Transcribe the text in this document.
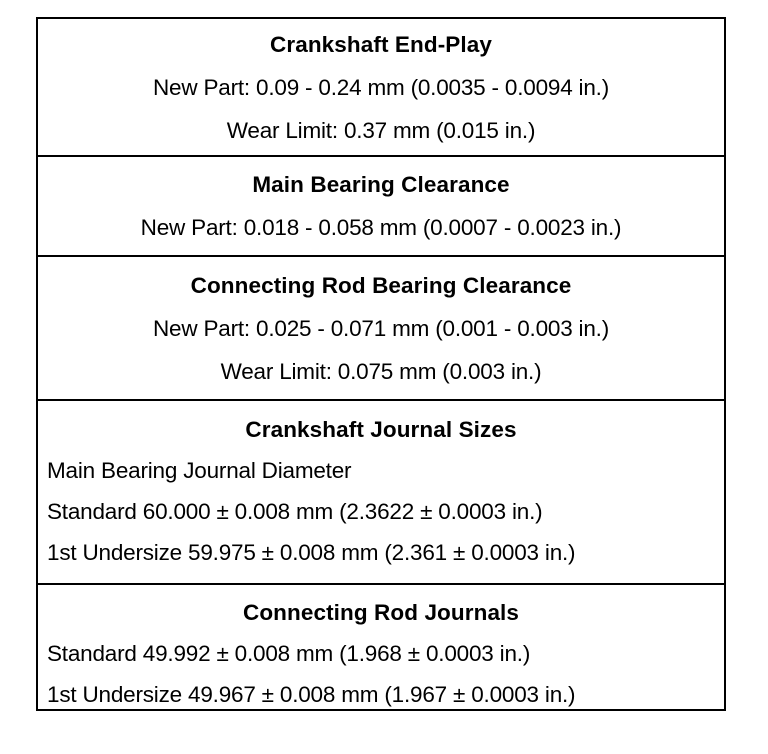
Crankshaft End-Play
New Part: 0.09 - 0.24 mm (0.0035 - 0.0094 in.)
Wear Limit: 0.37 mm (0.015 in.)
Main Bearing Clearance
New Part: 0.018 - 0.058 mm (0.0007 - 0.0023 in.)
Connecting Rod Bearing Clearance
New Part: 0.025 - 0.071 mm (0.001 - 0.003 in.)
Wear Limit: 0.075 mm (0.003 in.)
Crankshaft Journal Sizes
Main Bearing Journal Diameter
Standard 60.000 ± 0.008 mm (2.3622 ± 0.0003 in.)
1st Undersize 59.975 ± 0.008 mm (2.361 ± 0.0003 in.)
Connecting Rod Journals
Standard 49.992 ± 0.008 mm (1.968 ± 0.0003 in.)
1st Undersize 49.967 ± 0.008 mm (1.967 ± 0.0003 in.)
